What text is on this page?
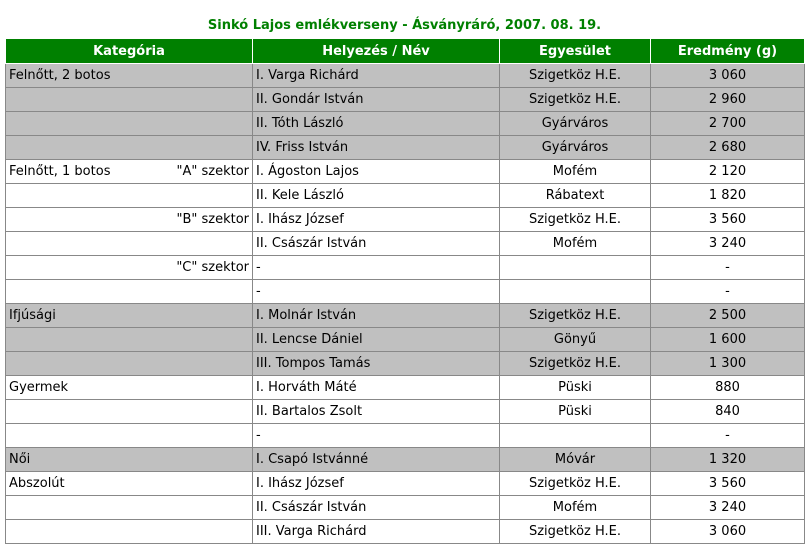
Sinkó Lajos emlékverseny - Ásványráró, 2007. 08. 19.
Kategória	Helyezés / Név	Egyesület	Eredmény (g)

Felnőtt, 2 botos	I. Varga Richárd	Szigetköz H.E.	3 060

	II. Gondár István	Szigetköz H.E.	2 960

	II. Tóth László	Gyárváros	2 700

	IV. Friss István	Gyárváros	2 680

Felnőtt, 1 botos "A" szektor	I. Ágoston Lajos	Mofém	2 120

	II. Kele László	Rábatext	1 820

"B" szektor	I. Ihász József	Szigetköz H.E.	3 560

	II. Császár István	Mofém	3 240

"C" szektor	-		-

	-		-

Ifjúsági	I. Molnár István	Szigetköz H.E.	2 500

	II. Lencse Dániel	Gönyű	1 600

	III. Tompos Tamás	Szigetköz H.E.	1 300

Gyermek	I. Horváth Máté	Püski	880

	II. Bartalos Zsolt	Püski	840

	-		-

Női	I. Csapó Istvánné	Móvár	1 320

Abszolút	I. Ihász József	Szigetköz H.E.	3 560

	II. Császár István	Mofém	3 240

	III. Varga Richárd	Szigetköz H.E.	3 060
